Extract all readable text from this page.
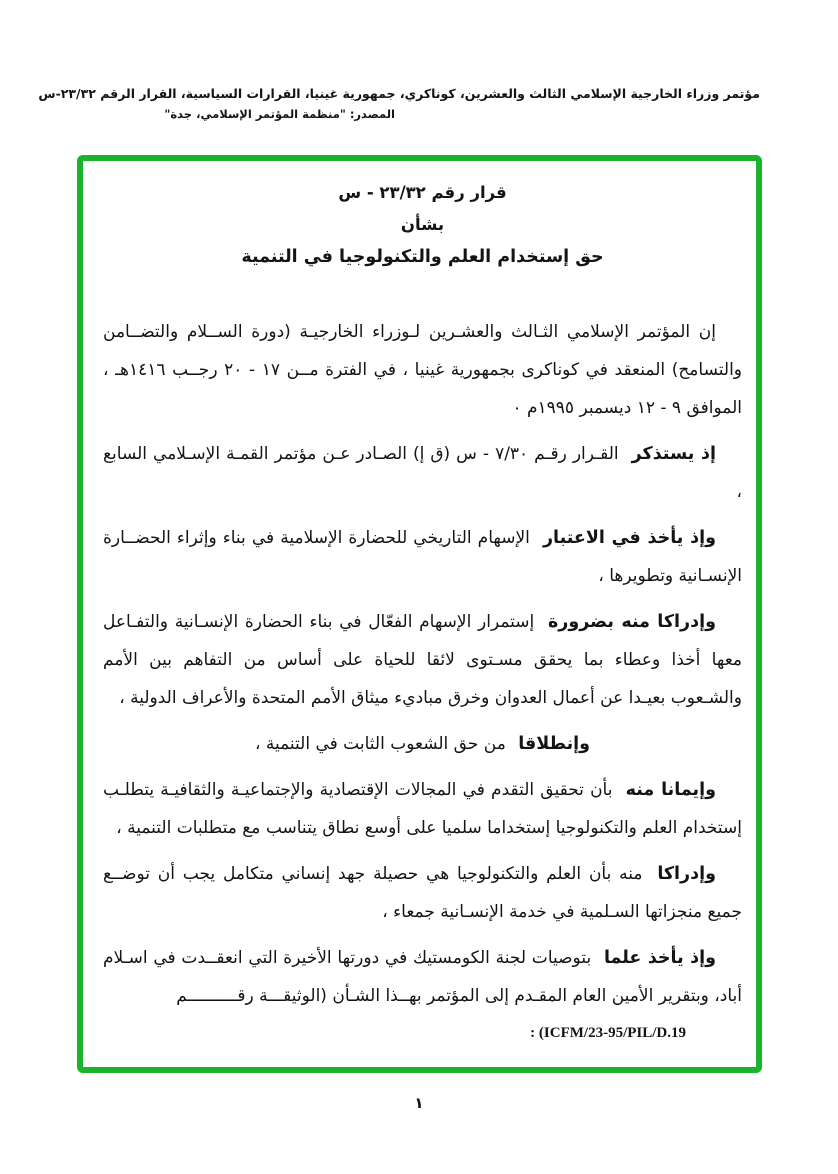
مؤتمر وزراء الخارجية الإسلامي الثالث والعشرين، كوناكري، جمهورية غينيا، القرارات السياسية، القرار الرقم ٢٣/٣٢-س
المصدر: "منظمة المؤتمر الإسلامي، جدة"
قرار رقم ٢٣/٣٢ - س
بشأن
حق إستخدام العلم والتكنولوجيا في التنمية
إن المؤتمر الإسلامي الثـالث والعشـرين لـوزراء الخارجيـة (دورة الســلام والتضــامن والتسامح) المنعقد في كوناكرى بجمهورية غينيا ، في الفترة مــن ١٧ - ٢٠ رجــب ١٤١٦هـ ، الموافق ٩ - ١٢ ديسمبر ١٩٩٥م ٠
إذ يستذكر القـرار رقـم ٧/٣٠ - س (ق إ) الصـادر عـن مؤتمر القمـة الإسـلامي السابع ،
وإذ يأخذ في الاعتبار الإسهام التاريخي للحضارة الإسلامية في بناء وإثراء الحضــارة الإنسـانية وتطويرها ،
وإدراكا منه بضرورة إستمرار الإسهام الفعّال في بناء الحضارة الإنسـانية والتفـاعل معها أخذا وعطاء بما يحقق مسـتوى لائقا للحياة على أساس من التفاهم بين الأمم والشـعوب بعيـدا عن أعمال العدوان وخرق مباديء ميثاق الأمم المتحدة والأعراف الدولية ،
وإنطلاقا من حق الشعوب الثابت في التنمية ،
وإيمانا منه بأن تحقيق التقدم في المجالات الإقتصادية والإجتماعيـة والثقافيـة يتطلـب إستخدام العلم والتكنولوجيا إستخداما سلميا على أوسع نطاق يتناسب مع متطلبات التنمية ،
وإدراكا منه بأن العلم والتكنولوجيا هي حصيلة جهد إنساني متكامل يجب أن توضــع جميع منجزاتها السـلمية في خدمة الإنسـانية جمعاء ،
وإذ يأخذ علما بتوصيات لجنة الكومستيك في دورتها الأخيرة التي انعقــدت في اسـلام أباد، وبتقرير الأمين العام المقـدم إلى المؤتمر بهــذا الشـأن (الوثيقـــة رقــــــــــم
: (ICFM/23-95/PIL/D.19
١
